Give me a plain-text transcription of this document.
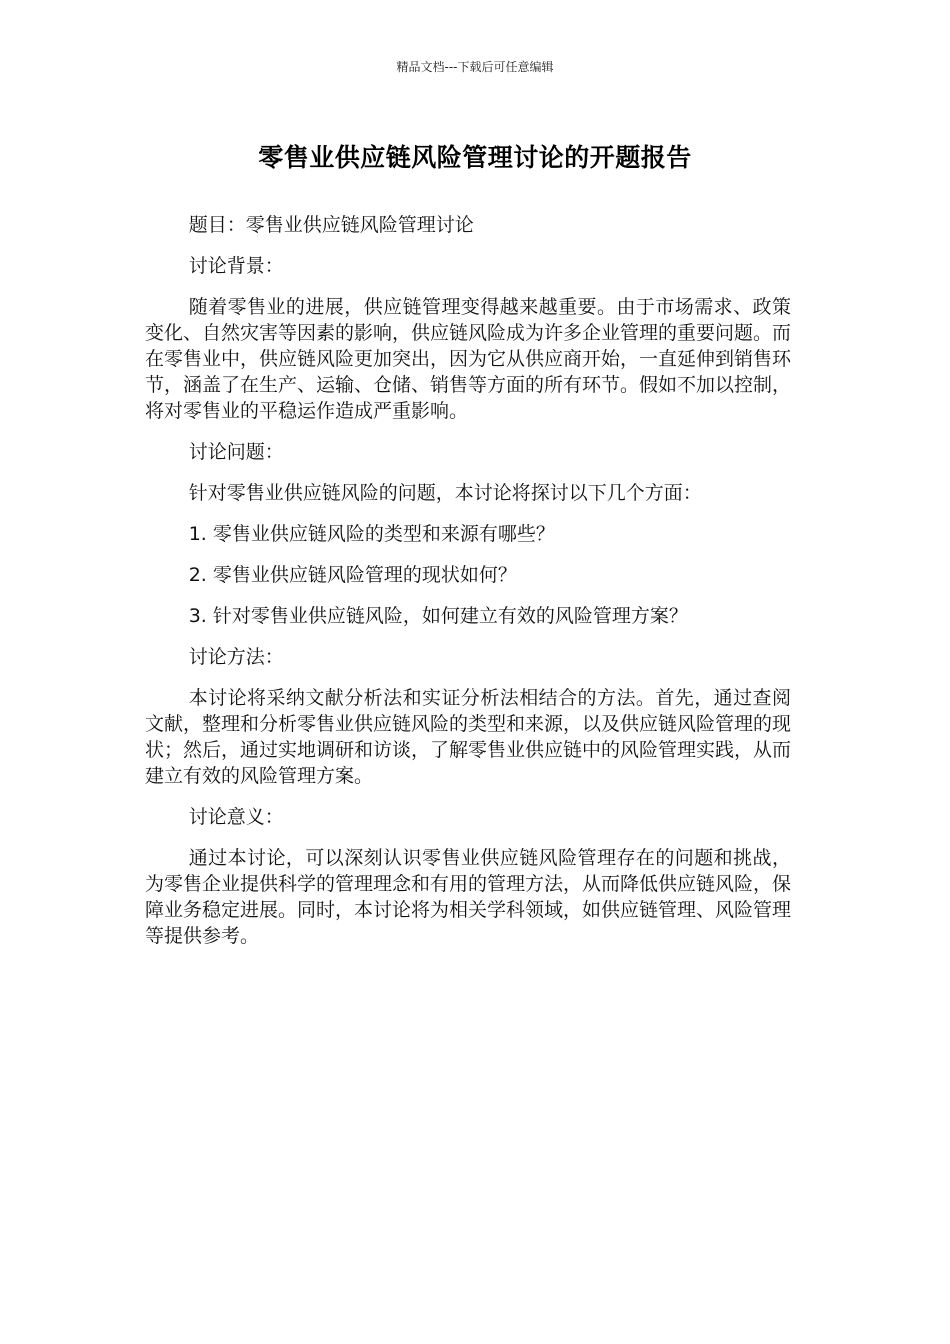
精品文档---下载后可任意编辑
零售业供应链风险管理讨论的开题报告
题目：零售业供应链风险管理讨论
讨论背景：
随着零售业的进展，供应链管理变得越来越重要。由于市场需求、政策变化、自然灾害等因素的影响，供应链风险成为许多企业管理的重要问题。而在零售业中，供应链风险更加突出，因为它从供应商开始，一直延伸到销售环节，涵盖了在生产、运输、仓储、销售等方面的所有环节。假如不加以控制，将对零售业的平稳运作造成严重影响。
讨论问题：
针对零售业供应链风险的问题，本讨论将探讨以下几个方面：
1. 零售业供应链风险的类型和来源有哪些？
2. 零售业供应链风险管理的现状如何？
3. 针对零售业供应链风险，如何建立有效的风险管理方案？
讨论方法：
本讨论将采纳文献分析法和实证分析法相结合的方法。首先，通过查阅文献，整理和分析零售业供应链风险的类型和来源，以及供应链风险管理的现状；然后，通过实地调研和访谈，了解零售业供应链中的风险管理实践，从而建立有效的风险管理方案。
讨论意义：
通过本讨论，可以深刻认识零售业供应链风险管理存在的问题和挑战，为零售企业提供科学的管理理念和有用的管理方法，从而降低供应链风险，保障业务稳定进展。同时，本讨论将为相关学科领域，如供应链管理、风险管理等提供参考。
